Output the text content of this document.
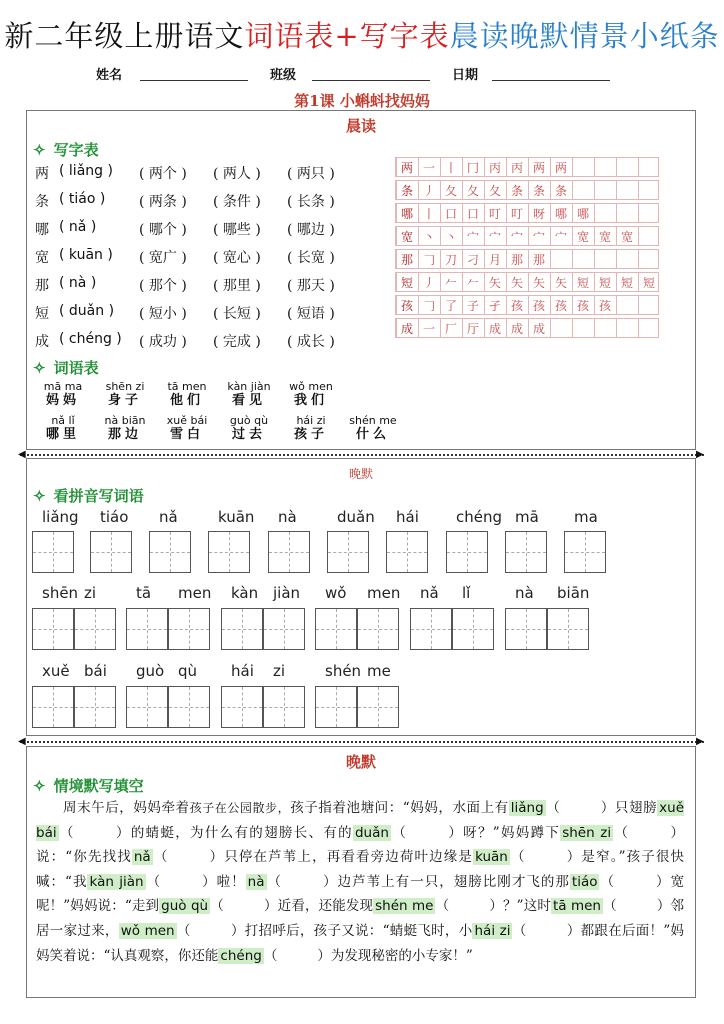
新二年级上册语文词语表+写字表晨读晚默情景小纸条
姓名	班级	日期
第1课 小蝌蚪找妈妈
晨读
✧ 写字表
两 ( liǎng ) ( 两个 ) ( 两人 ) ( 两只 )
条 ( tiáo ) ( 两条 ) ( 条件 ) ( 长条 )
哪 ( nǎ )	( 哪个 ) ( 哪些 ) ( 哪边 )
宽 ( kuān ) ( 宽广 ) ( 宽心 ) ( 长宽 )
那 ( nà )	( 那个 ) ( 那里 ) ( 那天 )
短 ( duǎn ) ( 短小 ) ( 长短 ) ( 短语 )
成 ( chéng ) ( 成功 ) ( 完成 ) ( 成长 )
两 一 丨 冂 丙 丙 两 两
条 丿 夂 夂 夂 条 条 条
哪 丨 口 口 叮 叮 呀 哪 哪
宽 丶 丶 宀 宀 宀 宀 宀 宽 宽 宽
那 𠃌 刀 刁 月 那 那
短 丿 𠂉 𠂉 矢 矢 矢 矢 短 短 短 短
孩 𠃌 了 子 孑 孩 孩 孩 孩 孩
成 一 厂 厅 成 成 成
✧ 词语表
mā ma
妈妈
shēn zi
身子
tā men
他们
kàn jiàn
看见
wǒ men
我们
nǎ lǐ
哪里
nà biān
那边
xuě bái
雪白
guò qù
过去
hái zi
孩子
shén me
什么
◀	▶
晚默
✧ 看拼音写词语
liǎng tiáo nǎ	kuān nà	duǎn hái chéng mā ma
shēn zi	tā men kàn jiàn wǒ men nǎ lǐ	nà biān
xuě bái guò qù hái zi	shén me
◀	▶
晚默
✧ 情境默写填空
周末午后，妈妈牵着孩子在公园散步，孩子指着池塘问：“妈妈，水面上有 liǎng （	）只翅膀 xuě bái （	）的蜻蜓，为什么有的翅膀长、有的 duǎn （	）呀？”妈妈蹲下 shēn zi （	）说：“你先找找 nǎ （	）只停在芦苇上，再看看旁边荷叶边缘是 kuān （	）是窄。”孩子很快喊：“我 kàn jiàn （	）啦！ nà （	）边芦苇上有一只，翅膀比刚才飞的那 tiáo （	）宽呢！”妈妈说：“走到 guò qù （	）近看，还能发现 shén me （	）？”这时 tā men （	）邻居一家过来， wǒ men （	）打招呼后，孩子又说：“蜻蜓飞时，小 hái zi （	）都跟在后面！”妈妈笑着说：“认真观察，你还能 chéng （	）为发现秘密的小专家！”
